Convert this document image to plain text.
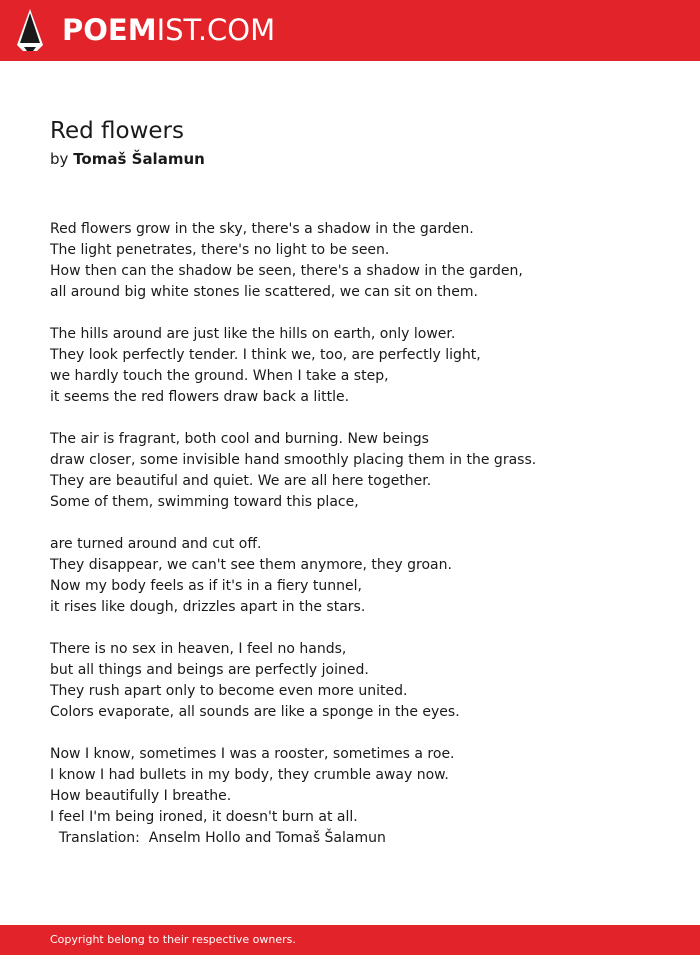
POEMIST.COM
Red flowers
by Tomaš Šalamun
Red flowers grow in the sky, there's a shadow in the garden.
The light penetrates, there's no light to be seen.
How then can the shadow be seen, there's a shadow in the garden,
all around big white stones lie scattered, we can sit on them.
The hills around are just like the hills on earth, only lower.
They look perfectly tender. I think we, too, are perfectly light,
we hardly touch the ground. When I take a step,
it seems the red flowers draw back a little.
The air is fragrant, both cool and burning. New beings
draw closer, some invisible hand smoothly placing them in the grass.
They are beautiful and quiet. We are all here together.
Some of them, swimming toward this place,
are turned around and cut off.
They disappear, we can't see them anymore, they groan.
Now my body feels as if it's in a fiery tunnel,
it rises like dough, drizzles apart in the stars.
There is no sex in heaven, I feel no hands,
but all things and beings are perfectly joined.
They rush apart only to become even more united.
Colors evaporate, all sounds are like a sponge in the eyes.
Now I know, sometimes I was a rooster, sometimes a roe.
I know I had bullets in my body, they crumble away now.
How beautifully I breathe.
I feel I'm being ironed, it doesn't burn at all.
Translation:  Anselm Hollo and Tomaš Šalamun
Copyright belong to their respective owners.
